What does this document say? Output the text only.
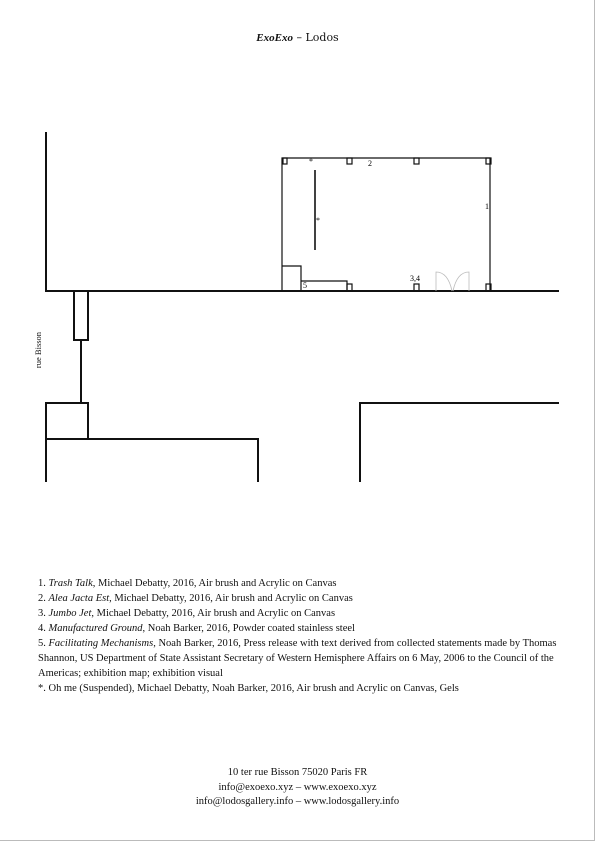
ExoExo – Lodos
*
*
2
1
3,4
5
rue Bisson

1. Trash Talk, Michael Debatty, 2016, Air brush and Acrylic on Canvas

2. Alea Jacta Est, Michael Debatty, 2016, Air brush and Acrylic on Canvas

3. Jumbo Jet, Michael Debatty, 2016, Air brush and Acrylic on Canvas

4. Manufactured Ground, Noah Barker, 2016, Powder coated stainless steel

5. Facilitating Mechanisms, Noah Barker, 2016, Press release with text derived from collected statements made by Thomas Shannon, US Department of State Assistant Secretary of Western Hemisphere Affairs on 6 May, 2006 to the Council of the Americas; exhibition map; exhibition visual

*. Oh me (Suspended), Michael Debatty, Noah Barker, 2016, Air brush and Acrylic on Canvas, Gels

10 ter rue Bisson 75020 Paris FR
info@exoexo.xyz – www.exoexo.xyz
info@lodosgallery.info – www.lodosgallery.info
